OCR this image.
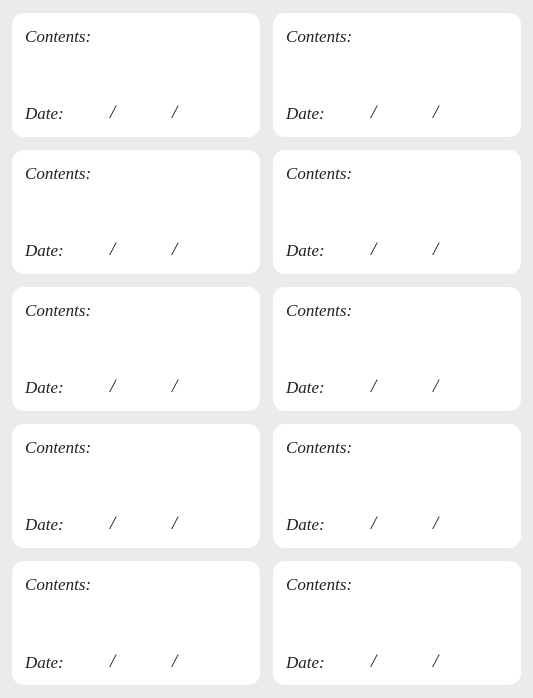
Contents:
Date: /	/
Contents:
Date: /	/
Contents:
Date: /	/
Contents:
Date: /	/
Contents:
Date: /	/
Contents:
Date: /	/
Contents:
Date: /	/
Contents:
Date: /	/
Contents:
Date: /	/
Contents:
Date: /	/
